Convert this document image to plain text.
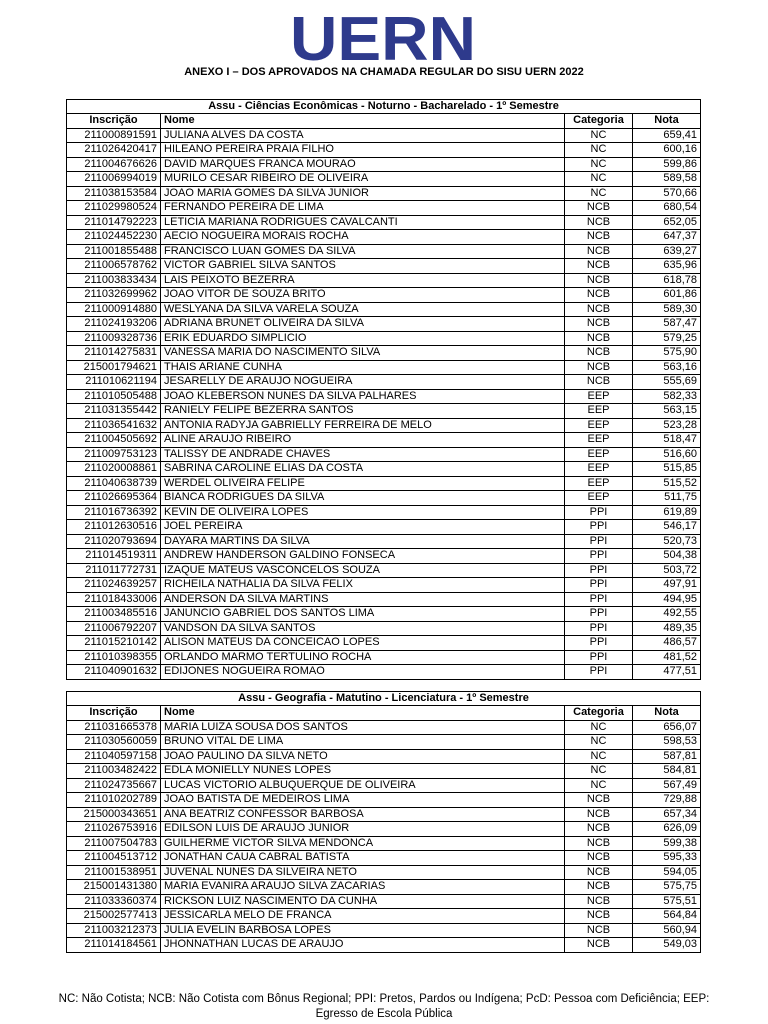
UERN
ANEXO I – DOS APROVADOS NA CHAMADA REGULAR DO SISU UERN 2022
Assu - Ciências Econômicas - Noturno - Bacharelado - 1º Semestre			
Inscrição	Nome	Categoria	Nota
211000891591	JULIANA ALVES DA COSTA	NC	659,41
211026420417	HILEANO PEREIRA PRAIA FILHO	NC	600,16
211004676626	DAVID MARQUES FRANCA MOURAO	NC	599,86
211006994019	MURILO CESAR RIBEIRO DE OLIVEIRA	NC	589,58
211038153584	JOAO MARIA GOMES DA SILVA JUNIOR	NC	570,66
211029980524	FERNANDO PEREIRA DE LIMA	NCB	680,54
211014792223	LETICIA MARIANA RODRIGUES CAVALCANTI	NCB	652,05
211024452230	AECIO NOGUEIRA MORAIS ROCHA	NCB	647,37
211001855488	FRANCISCO LUAN GOMES DA SILVA	NCB	639,27
211006578762	VICTOR GABRIEL SILVA SANTOS	NCB	635,96
211003833434	LAIS PEIXOTO BEZERRA	NCB	618,78
211032699962	JOAO VITOR DE SOUZA BRITO	NCB	601,86
211000914880	WESLYANA DA SILVA VARELA SOUZA	NCB	589,30
211024193206	ADRIANA BRUNET OLIVEIRA DA SILVA	NCB	587,47
211009328736	ERIK EDUARDO SIMPLICIO	NCB	579,25
211014275831	VANESSA MARIA DO NASCIMENTO SILVA	NCB	575,90
215001794621	THAIS ARIANE CUNHA	NCB	563,16
211010621194	JESARELLY DE ARAUJO NOGUEIRA	NCB	555,69
211010505488	JOAO KLEBERSON NUNES DA SILVA PALHARES	EEP	582,33
211031355442	RANIELY FELIPE BEZERRA SANTOS	EEP	563,15
211036541632	ANTONIA RADYJA GABRIELLY FERREIRA DE MELO	EEP	523,28
211004505692	ALINE ARAUJO RIBEIRO	EEP	518,47
211009753123	TALISSY DE ANDRADE CHAVES	EEP	516,60
211020008861	SABRINA CAROLINE ELIAS DA COSTA	EEP	515,85
211040638739	WERDEL OLIVEIRA FELIPE	EEP	515,52
211026695364	BIANCA RODRIGUES DA SILVA	EEP	511,75
211016736392	KEVIN DE OLIVEIRA LOPES	PPI	619,89
211012630516	JOEL PEREIRA	PPI	546,17
211020793694	DAYARA MARTINS DA SILVA	PPI	520,73
211014519311	ANDREW HANDERSON GALDINO FONSECA	PPI	504,38
211011772731	IZAQUE MATEUS VASCONCELOS SOUZA	PPI	503,72
211024639257	RICHEILA NATHALIA DA SILVA FELIX	PPI	497,91
211018433006	ANDERSON DA SILVA MARTINS	PPI	494,95
211003485516	JANUNCIO GABRIEL DOS SANTOS LIMA	PPI	492,55
211006792207	VANDSON DA SILVA SANTOS	PPI	489,35
211015210142	ALISON MATEUS DA CONCEICAO LOPES	PPI	486,57
211010398355	ORLANDO MARMO TERTULINO ROCHA	PPI	481,52
211040901632	EDIJONES NOGUEIRA ROMAO	PPI	477,51
Assu - Geografia - Matutino - Licenciatura - 1º Semestre			
Inscrição	Nome	Categoria	Nota
211031665378	MARIA LUIZA SOUSA DOS SANTOS	NC	656,07
211030560059	BRUNO VITAL DE LIMA	NC	598,53
211040597158	JOAO PAULINO DA SILVA NETO	NC	587,81
211003482422	EDLA MONIELLY NUNES LOPES	NC	584,81
211024735667	LUCAS VICTORIO ALBUQUERQUE DE OLIVEIRA	NC	567,49
211010202789	JOAO BATISTA DE MEDEIROS LIMA	NCB	729,88
215000343651	ANA BEATRIZ CONFESSOR BARBOSA	NCB	657,34
211026753916	EDILSON LUIS DE ARAUJO JUNIOR	NCB	626,09
211007504783	GUILHERME VICTOR SILVA MENDONCA	NCB	599,38
211004513712	JONATHAN CAUA CABRAL BATISTA	NCB	595,33
211001538951	JUVENAL NUNES DA SILVEIRA NETO	NCB	594,05
215001431380	MARIA EVANIRA ARAUJO SILVA ZACARIAS	NCB	575,75
211033360374	RICKSON LUIZ NASCIMENTO DA CUNHA	NCB	575,51
215002577413	JESSICARLA MELO DE FRANCA	NCB	564,84
211003212373	JULIA EVELIN BARBOSA LOPES	NCB	560,94
211014184561	JHONNATHAN LUCAS DE ARAUJO	NCB	549,03
NC: Não Cotista; NCB: Não Cotista com Bônus Regional; PPI: Pretos, Pardos ou Indígena; PcD: Pessoa com Deficiência; EEP: Egresso de Escola Pública
